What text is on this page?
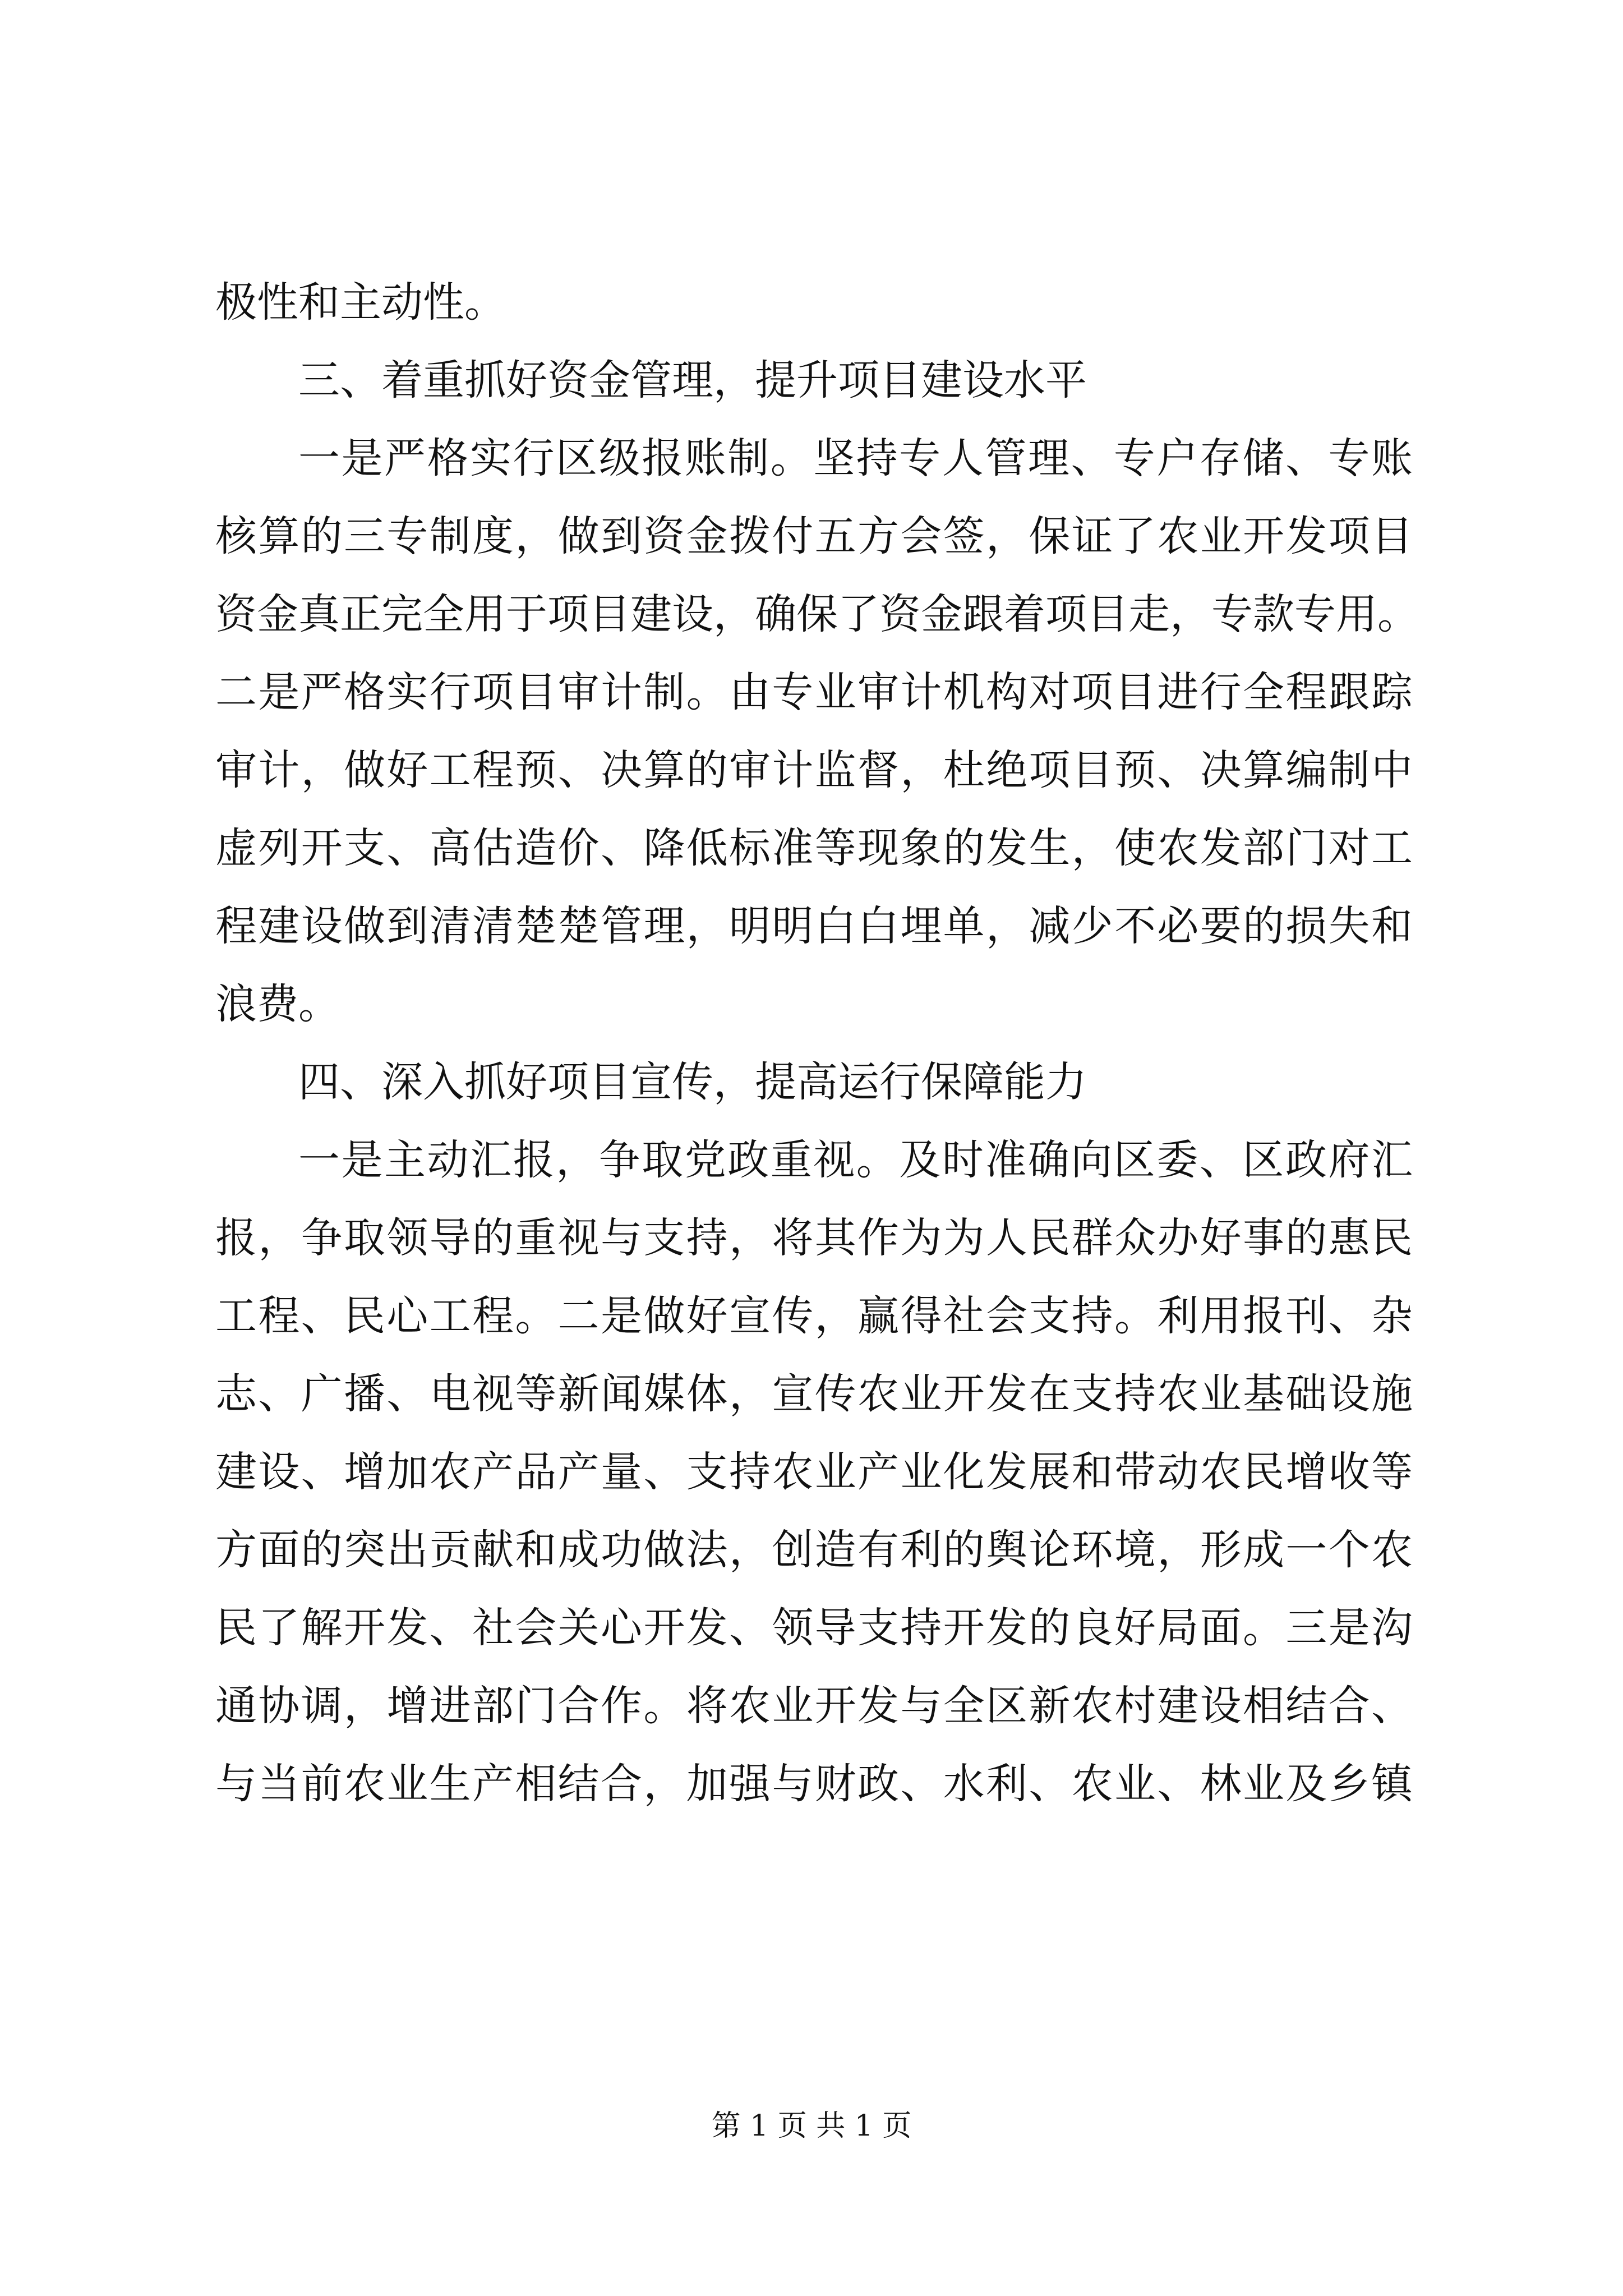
极性和主动性。
三、着重抓好资金管理，提升项目建设水平
一是严格实行区级报账制。坚持专人管理、专户存储、专账
核算的三专制度，做到资金拨付五方会签，保证了农业开发项目
资金真正完全用于项目建设，确保了资金跟着项目走，专款专用。
二是严格实行项目审计制。由专业审计机构对项目进行全程跟踪
审计，做好工程预、决算的审计监督，杜绝项目预、决算编制中
虚列开支、高估造价、降低标准等现象的发生，使农发部门对工
程建设做到清清楚楚管理，明明白白埋单，减少不必要的损失和
浪费。
四、深入抓好项目宣传，提高运行保障能力
一是主动汇报，争取党政重视。及时准确向区委、区政府汇
报，争取领导的重视与支持，将其作为为人民群众办好事的惠民
工程、民心工程。二是做好宣传，赢得社会支持。利用报刊、杂
志、广播、电视等新闻媒体，宣传农业开发在支持农业基础设施
建设、增加农产品产量、支持农业产业化发展和带动农民增收等
方面的突出贡献和成功做法，创造有利的舆论环境，形成一个农
民了解开发、社会关心开发、领导支持开发的良好局面。三是沟
通协调，增进部门合作。将农业开发与全区新农村建设相结合、
与当前农业生产相结合，加强与财政、水利、农业、林业及乡镇
第 1 页 共 1 页
